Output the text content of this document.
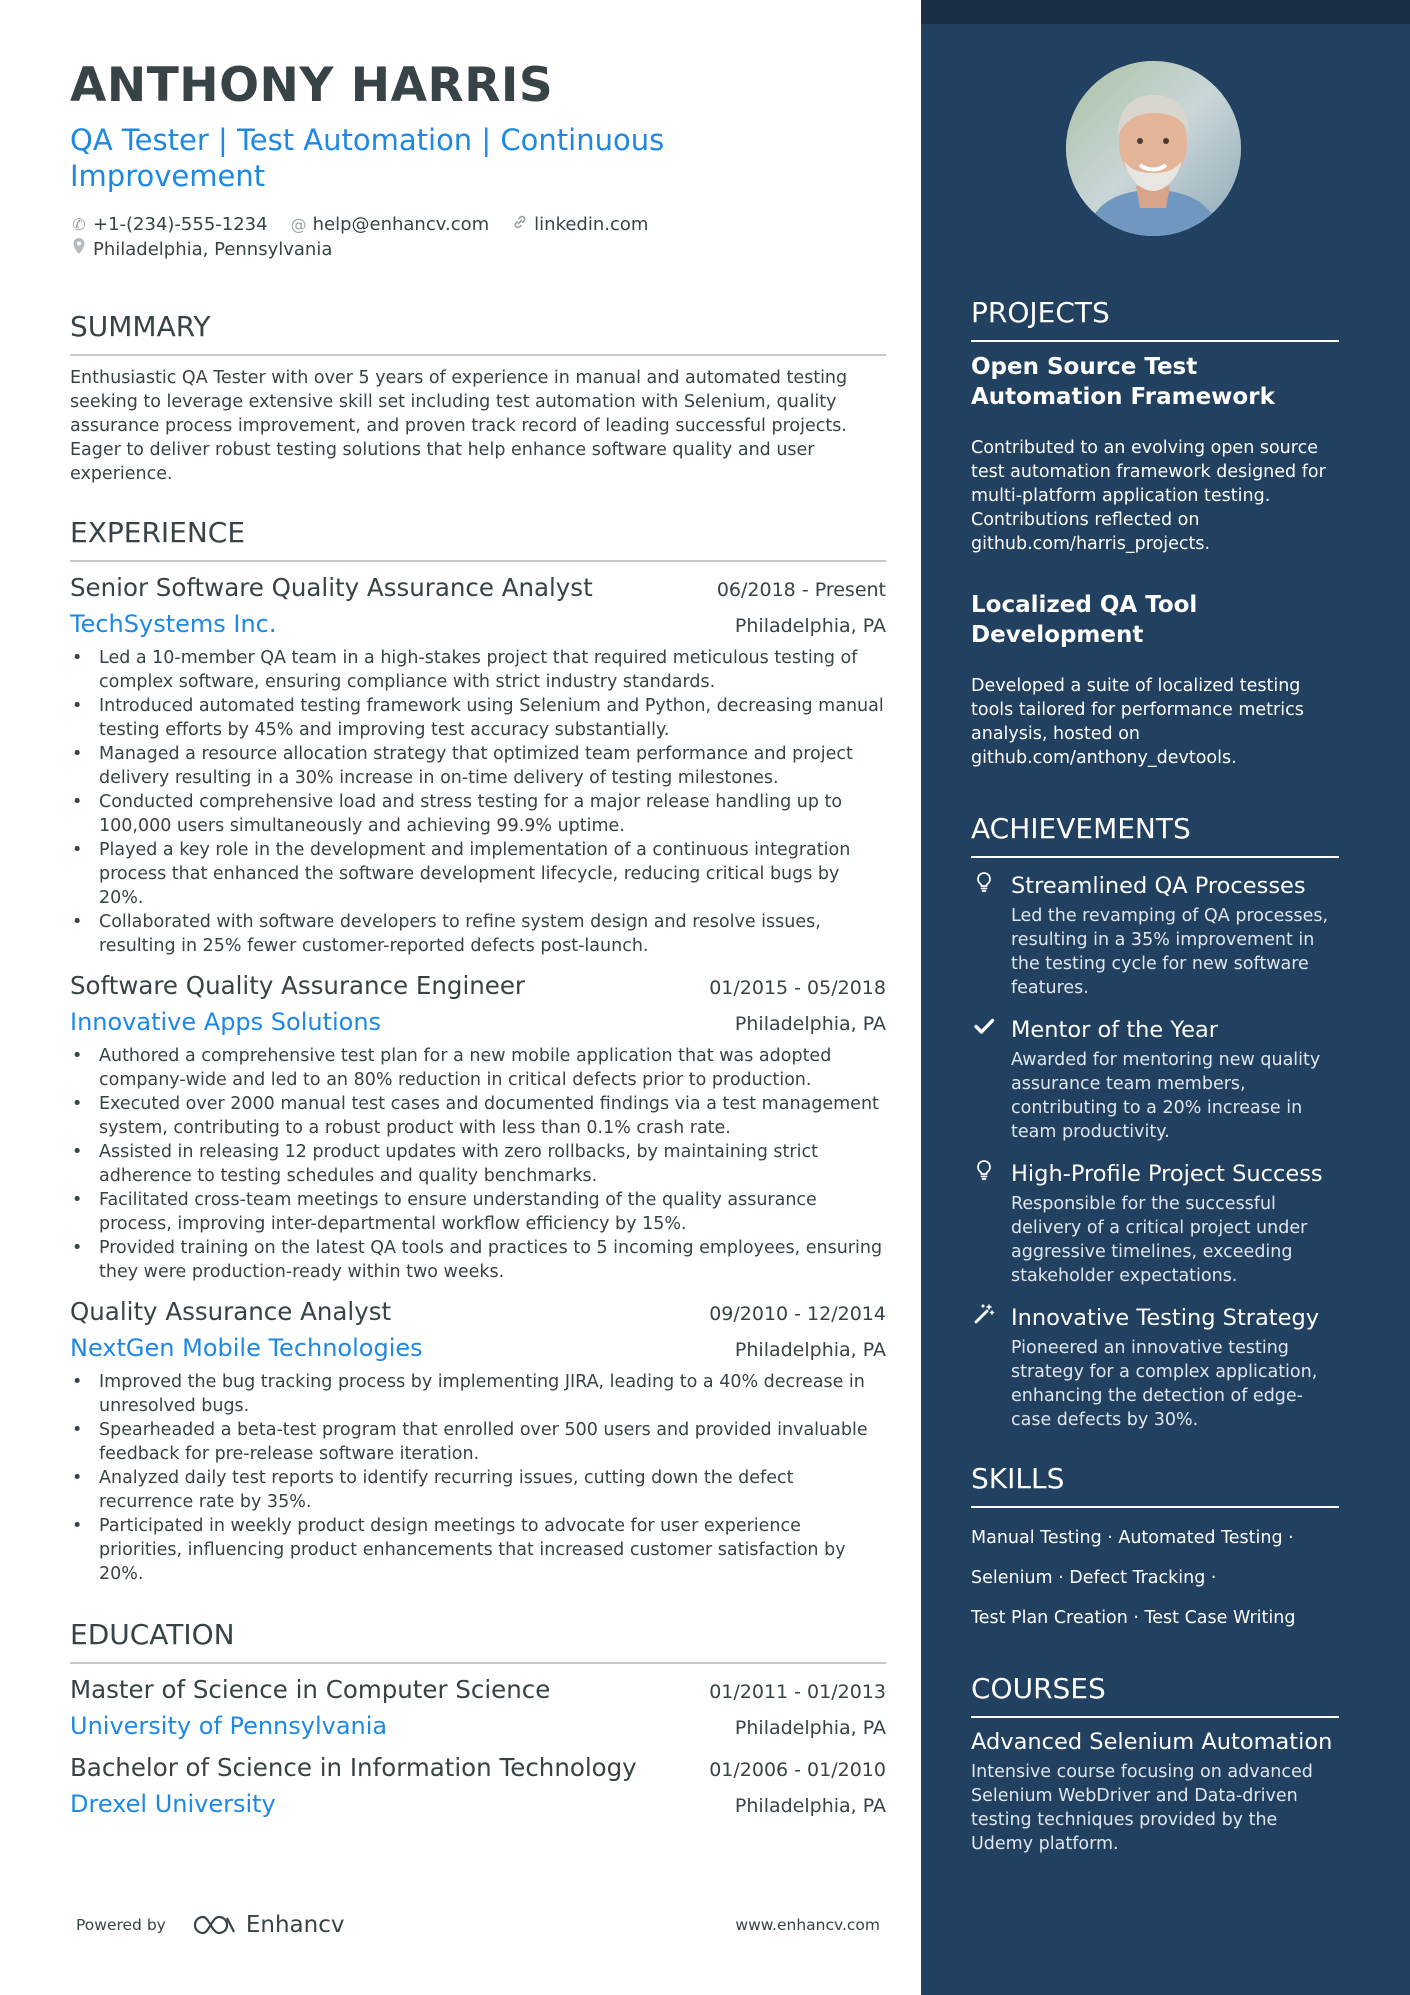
ANTHONY HARRIS
QA Tester | Test Automation | Continuous Improvement
✆ +1-(234)-555-1234 @ help@enhancv.com	linkedin.com
Philadelphia, Pennsylvania
SUMMARY
Enthusiastic QA Tester with over 5 years of experience in manual and automated testing seeking to leverage extensive skill set including test automation with Selenium, quality assurance process improvement, and proven track record of leading successful projects. Eager to deliver robust testing solutions that help enhance software quality and user experience.
EXPERIENCE
Senior Software Quality Assurance Analyst	06/2018 - Present
TechSystems Inc.	Philadelphia, PA
• Led a 10-member QA team in a high-stakes project that required meticulous testing of complex software, ensuring compliance with strict industry standards.
• Introduced automated testing framework using Selenium and Python, decreasing manual testing efforts by 45% and improving test accuracy substantially.
• Managed a resource allocation strategy that optimized team performance and project delivery resulting in a 30% increase in on-time delivery of testing milestones.
• Conducted comprehensive load and stress testing for a major release handling up to 100,000 users simultaneously and achieving 99.9% uptime.
• Played a key role in the development and implementation of a continuous integration process that enhanced the software development lifecycle, reducing critical bugs by 20%.
• Collaborated with software developers to refine system design and resolve issues, resulting in 25% fewer customer-reported defects post-launch.
Software Quality Assurance Engineer	01/2015 - 05/2018
Innovative Apps Solutions	Philadelphia, PA
• Authored a comprehensive test plan for a new mobile application that was adopted company-wide and led to an 80% reduction in critical defects prior to production.
• Executed over 2000 manual test cases and documented findings via a test management system, contributing to a robust product with less than 0.1% crash rate.
• Assisted in releasing 12 product updates with zero rollbacks, by maintaining strict adherence to testing schedules and quality benchmarks.
• Facilitated cross-team meetings to ensure understanding of the quality assurance process, improving inter-departmental workflow efficiency by 15%.
• Provided training on the latest QA tools and practices to 5 incoming employees, ensuring they were production-ready within two weeks.
Quality Assurance Analyst	09/2010 - 12/2014
NextGen Mobile Technologies	Philadelphia, PA
• Improved the bug tracking process by implementing JIRA, leading to a 40% decrease in unresolved bugs.
• Spearheaded a beta-test program that enrolled over 500 users and provided invaluable feedback for pre-release software iteration.
• Analyzed daily test reports to identify recurring issues, cutting down the defect recurrence rate by 35%.
• Participated in weekly product design meetings to advocate for user experience priorities, influencing product enhancements that increased customer satisfaction by 20%.
EDUCATION
Master of Science in Computer Science	01/2011 - 01/2013
University of Pennsylvania	Philadelphia, PA
Bachelor of Science in Information Technology	01/2006 - 01/2010
Drexel University	Philadelphia, PA
Powered by	Enhancv	www.enhancv.com
PROJECTS
Open Source Test Automation Framework
Contributed to an evolving open source test automation framework designed for multi-platform application testing. Contributions reflected on github.com/harris_projects.
Localized QA Tool Development
Developed a suite of localized testing tools tailored for performance metrics analysis, hosted on github.com/anthony_devtools.
ACHIEVEMENTS
Streamlined QA Processes
Led the revamping of QA processes, resulting in a 35% improvement in the testing cycle for new software features.
Mentor of the Year
Awarded for mentoring new quality assurance team members, contributing to a 20% increase in team productivity.
High-Profile Project Success
Responsible for the successful delivery of a critical project under aggressive timelines, exceeding stakeholder expectations.
Innovative Testing Strategy
Pioneered an innovative testing strategy for a complex application, enhancing the detection of edge-case defects by 30%.
SKILLS
Manual Testing · Automated Testing ·
Selenium · Defect Tracking ·
Test Plan Creation · Test Case Writing
COURSES
Advanced Selenium Automation
Intensive course focusing on advanced Selenium WebDriver and Data-driven testing techniques provided by the Udemy platform.
